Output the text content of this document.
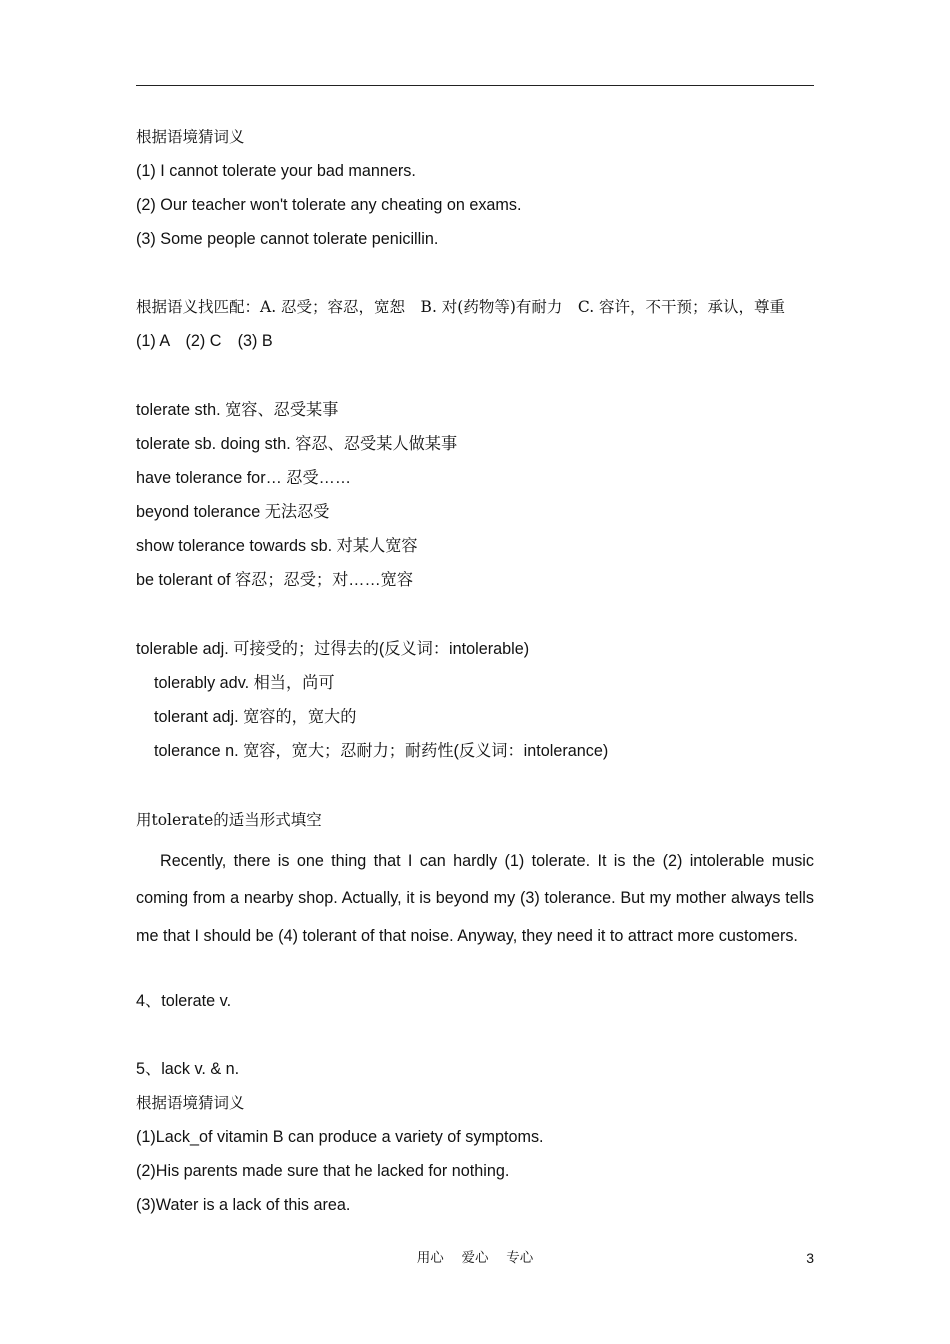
根据语境猜词义
(1) I cannot tolerate your bad manners.
(2) Our teacher won't tolerate any cheating on exams.
(3) Some people cannot tolerate penicillin.
根据语义找匹配：A. 忍受；容忍，宽恕　B. 对(药物等)有耐力　C. 容许，不干预；承认，尊重
(1) A　(2) C　(3) B
tolerate sth. 宽容、忍受某事
tolerate sb. doing sth. 容忍、忍受某人做某事
have tolerance for… 忍受……
beyond tolerance 无法忍受
show tolerance towards sb. 对某人宽容
be tolerant of 容忍；忍受；对……宽容
tolerable adj. 可接受的；过得去的(反义词：intolerable)
tolerably adv. 相当，尚可
tolerant adj. 宽容的，宽大的
tolerance n. 宽容，宽大；忍耐力；耐药性(反义词：intolerance)
用tolerate的适当形式填空
Recently, there is one thing that I can hardly (1) tolerate. It is the (2) intolerable music coming from a nearby shop. Actually, it is beyond my (3) tolerance. But my mother always tells me that I should be (4) tolerant of that noise. Anyway, they need it to attract more customers.
4、tolerate v.
5、lack v. & n.
根据语境猜词义
(1)Lack_of vitamin B can produce a variety of symptoms.
(2)His parents made sure that he lacked for nothing.
(3)Water is a lack of this area.
用心　 爱心　 专心	3
